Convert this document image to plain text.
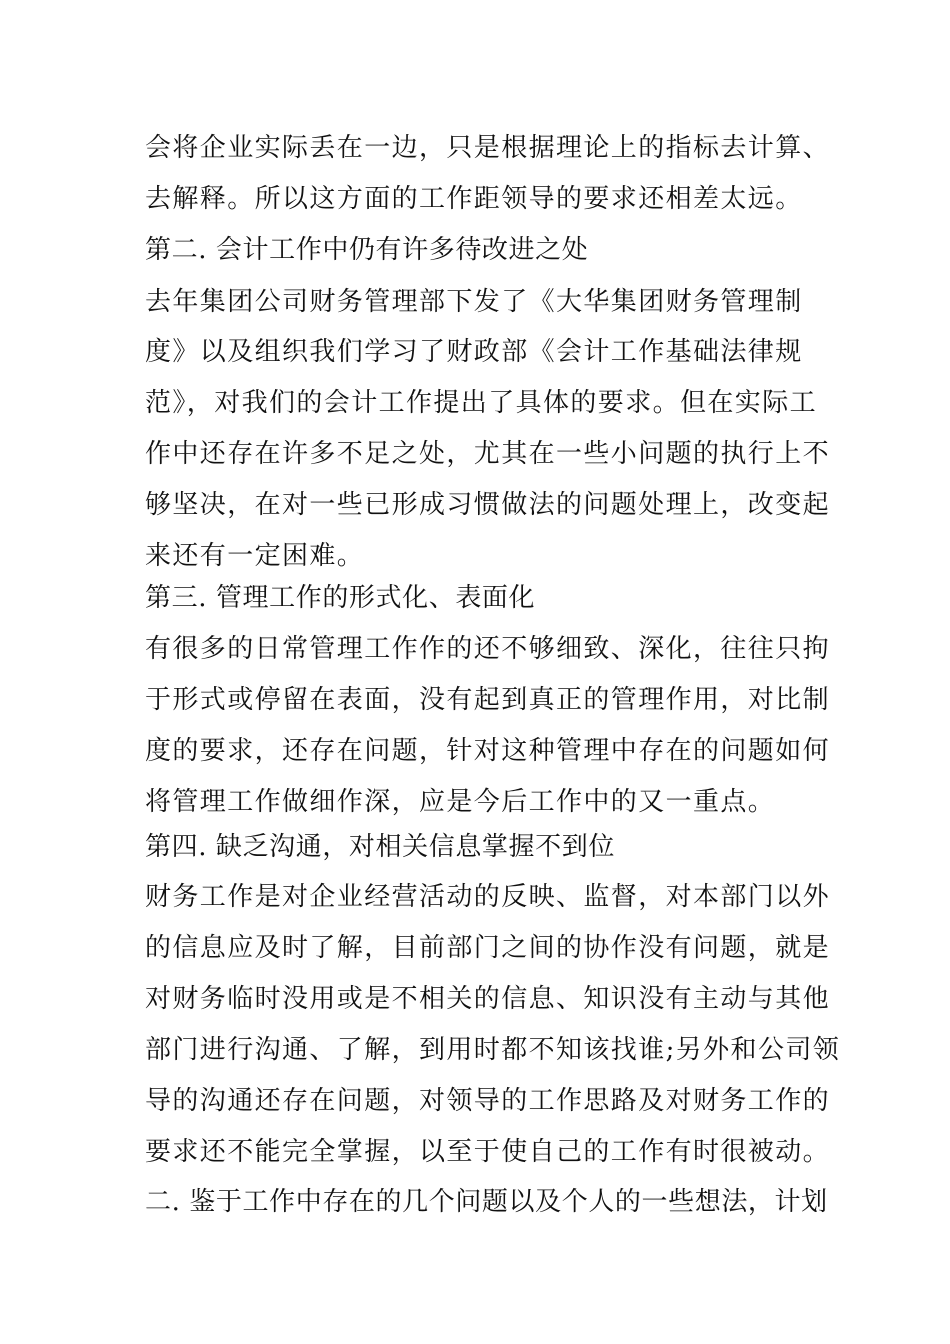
会将企业实际丢在一边，只是根据理论上的指标去计算、
去解释。所以这方面的工作距领导的要求还相差太远。
第二. 会计工作中仍有许多待改进之处
去年集团公司财务管理部下发了《大华集团财务管理制
度》以及组织我们学习了财政部《会计工作基础法律规
范》，对我们的会计工作提出了具体的要求。但在实际工
作中还存在许多不足之处，尤其在一些小问题的执行上不
够坚决，在对一些已形成习惯做法的问题处理上，改变起
来还有一定困难。
第三. 管理工作的形式化、表面化
有很多的日常管理工作作的还不够细致、深化，往往只拘
于形式或停留在表面，没有起到真正的管理作用，对比制
度的要求，还存在问题，针对这种管理中存在的问题如何
将管理工作做细作深，应是今后工作中的又一重点。
第四. 缺乏沟通，对相关信息掌握不到位
财务工作是对企业经营活动的反映、监督，对本部门以外
的信息应及时了解，目前部门之间的协作没有问题，就是
对财务临时没用或是不相关的信息、知识没有主动与其他
部门进行沟通、了解，到用时都不知该找谁;另外和公司领
导的沟通还存在问题，对领导的工作思路及对财务工作的
要求还不能完全掌握，以至于使自己的工作有时很被动。
二. 鉴于工作中存在的几个问题以及个人的一些想法，计划
